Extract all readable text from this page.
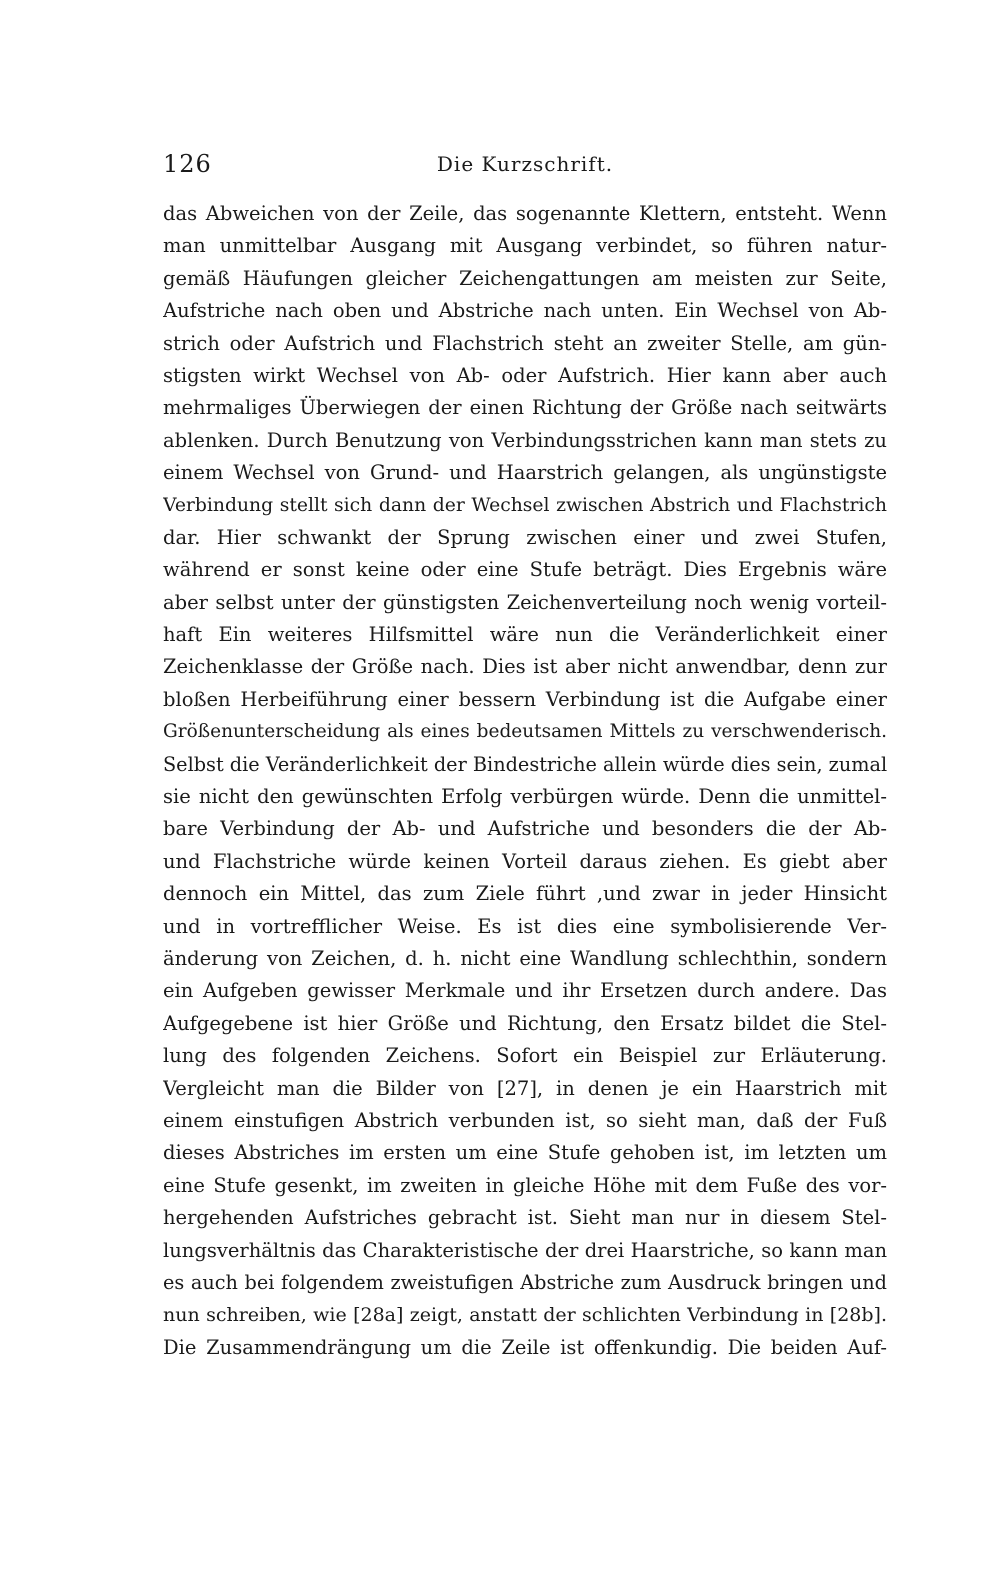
126	Die Kurzschrift.
das Abweichen von der Zeile, das sogenannte Klettern, entsteht. Wenn
man unmittelbar Ausgang mit Ausgang verbindet, so führen natur-
gemäß Häufungen gleicher Zeichengattungen am meisten zur Seite,
Aufstriche nach oben und Abstriche nach unten. Ein Wechsel von Ab-
strich oder Aufstrich und Flachstrich steht an zweiter Stelle, am gün-
stigsten wirkt Wechsel von Ab- oder Aufstrich. Hier kann aber auch
mehrmaliges Überwiegen der einen Richtung der Größe nach seitwärts
ablenken. Durch Benutzung von Verbindungsstrichen kann man stets zu
einem Wechsel von Grund- und Haarstrich gelangen, als ungünstigste
Verbindung stellt sich dann der Wechsel zwischen Abstrich und Flachstrich
dar. Hier schwankt der Sprung zwischen einer und zwei Stufen,
während er sonst keine oder eine Stufe beträgt. Dies Ergebnis wäre
aber selbst unter der günstigsten Zeichenverteilung noch wenig vorteil-
haft Ein weiteres Hilfsmittel wäre nun die Veränderlichkeit einer
Zeichenklasse der Größe nach. Dies ist aber nicht anwendbar, denn zur
bloßen Herbeiführung einer bessern Verbindung ist die Aufgabe einer
Größenunterscheidung als eines bedeutsamen Mittels zu verschwenderisch.
Selbst die Veränderlichkeit der Bindestriche allein würde dies sein, zumal
sie nicht den gewünschten Erfolg verbürgen würde. Denn die unmittel-
bare Verbindung der Ab- und Aufstriche und besonders die der Ab-
und Flachstriche würde keinen Vorteil daraus ziehen. Es giebt aber
dennoch ein Mittel, das zum Ziele führt ,und zwar in jeder Hinsicht
und in vortrefflicher Weise. Es ist dies eine symbolisierende Ver-
änderung von Zeichen, d. h. nicht eine Wandlung schlechthin, sondern
ein Aufgeben gewisser Merkmale und ihr Ersetzen durch andere. Das
Aufgegebene ist hier Größe und Richtung, den Ersatz bildet die Stel-
lung des folgenden Zeichens. Sofort ein Beispiel zur Erläuterung.
Vergleicht man die Bilder von [27], in denen je ein Haarstrich mit
einem einstufigen Abstrich verbunden ist, so sieht man, daß der Fuß
dieses Abstriches im ersten um eine Stufe gehoben ist, im letzten um
eine Stufe gesenkt, im zweiten in gleiche Höhe mit dem Fuße des vor-
hergehenden Aufstriches gebracht ist. Sieht man nur in diesem Stel-
lungsverhältnis das Charakteristische der drei Haarstriche, so kann man
es auch bei folgendem zweistufigen Abstriche zum Ausdruck bringen und
nun schreiben, wie [28a] zeigt, anstatt der schlichten Verbindung in [28b].
Die Zusammendrängung um die Zeile ist offenkundig. Die beiden Auf-
